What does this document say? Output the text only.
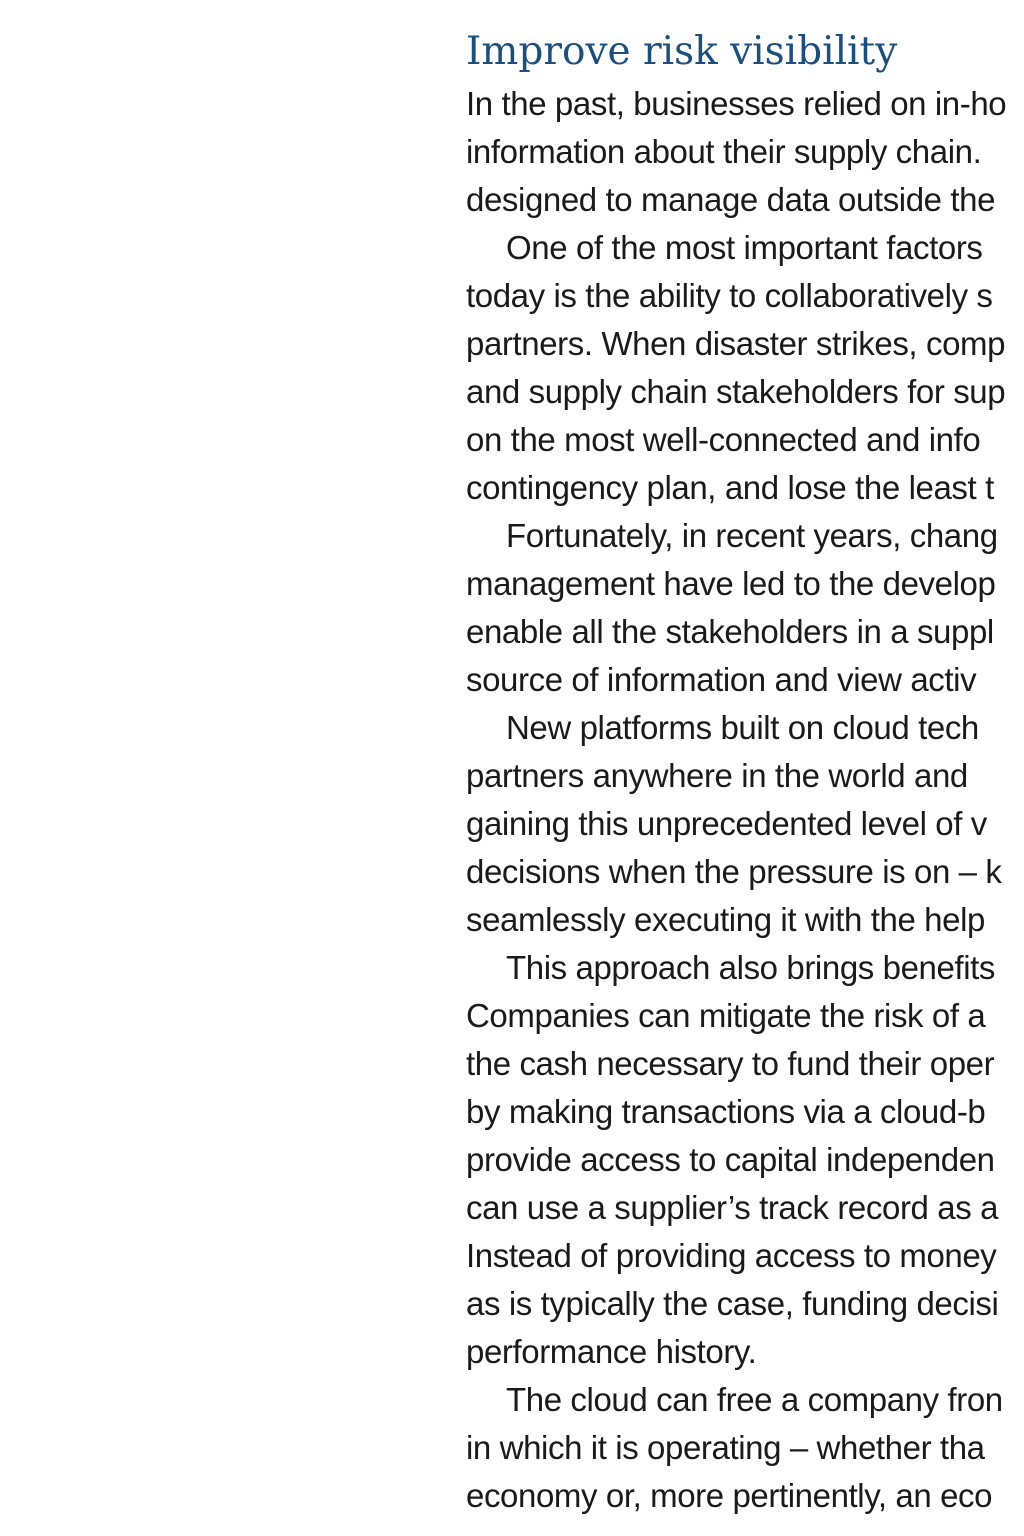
Improve risk visibility
In the past, businesses relied on in-ho
information about their supply chain.
designed to manage data outside the
One of the most important factors
today is the ability to collaboratively s
partners. When disaster strikes, comp
and supply chain stakeholders for sup
on the most well-connected and info
contingency plan, and lose the least t
Fortunately, in recent years, chang
management have led to the develop
enable all the stakeholders in a suppl
source of information and view activ
New platforms built on cloud tech
partners anywhere in the world and
gaining this unprecedented level of v
decisions when the pressure is on – k
seamlessly executing it with the help
This approach also brings benefits
Companies can mitigate the risk of a
the cash necessary to fund their oper
by making transactions via a cloud-b
provide access to capital independen
can use a supplier’s track record as a
Instead of providing access to money
as is typically the case, funding decisi
performance history.
The cloud can free a company fron
in which it is operating – whether tha
economy or, more pertinently, an eco
